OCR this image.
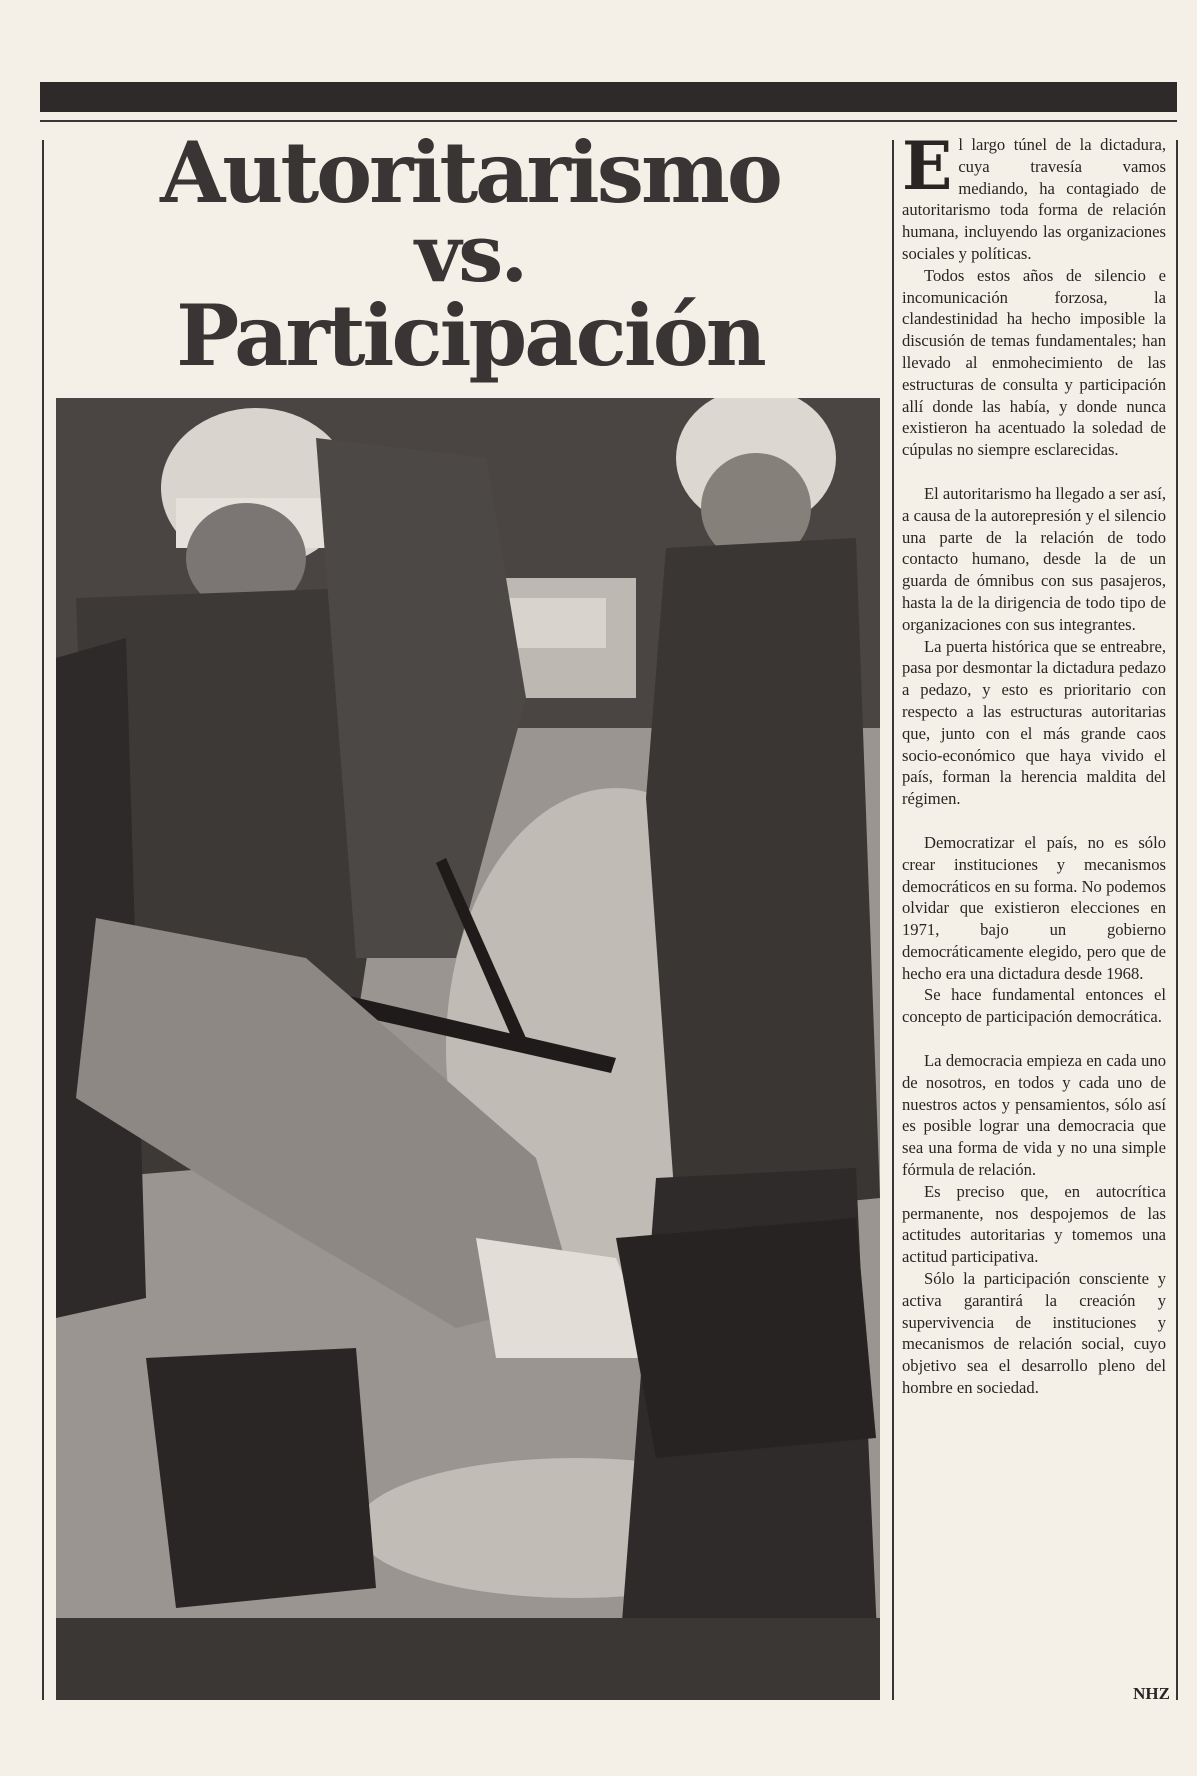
Autoritarismo
vs.
Participación

El largo túnel de la dictadura, cuya travesía vamos mediando, ha contagiado de autoritarismo toda forma de relación humana, incluyendo las organizaciones sociales y políticas.

Todos estos años de silencio e incomunicación forzosa, la clandestinidad ha hecho imposible la discusión de temas fundamentales; han llevado al enmohecimiento de las estructuras de consulta y participación allí donde las había, y donde nunca existieron ha acentuado la soledad de cúpulas no siempre esclarecidas.

El autoritarismo ha llegado a ser así, a causa de la autorepresión y el silencio una parte de la relación de todo contacto humano, desde la de un guarda de ómnibus con sus pasajeros, hasta la de la dirigencia de todo tipo de organizaciones con sus integrantes.

La puerta histórica que se entreabre, pasa por desmontar la dictadura pedazo a pedazo, y esto es prioritario con respecto a las estructuras autoritarias que, junto con el más grande caos socio-económico que haya vivido el país, forman la herencia maldita del régimen.

Democratizar el país, no es sólo crear instituciones y mecanismos democráticos en su forma. No podemos olvidar que existieron elecciones en 1971, bajo un gobierno democráticamente elegido, pero que de hecho era una dictadura desde 1968.

Se hace fundamental entonces el concepto de participación democrática.

La democracia empieza en cada uno de nosotros, en todos y cada uno de nuestros actos y pensamientos, sólo así es posible lograr una democracia que sea una forma de vida y no una simple fórmula de relación.

Es preciso que, en autocrítica permanente, nos despojemos de las actitudes autoritarias y tomemos una actitud participativa.

Sólo la participación consciente y activa garantirá la creación y supervivencia de instituciones y mecanismos de relación social, cuyo objetivo sea el desarrollo pleno del hombre en sociedad.

NHZ
